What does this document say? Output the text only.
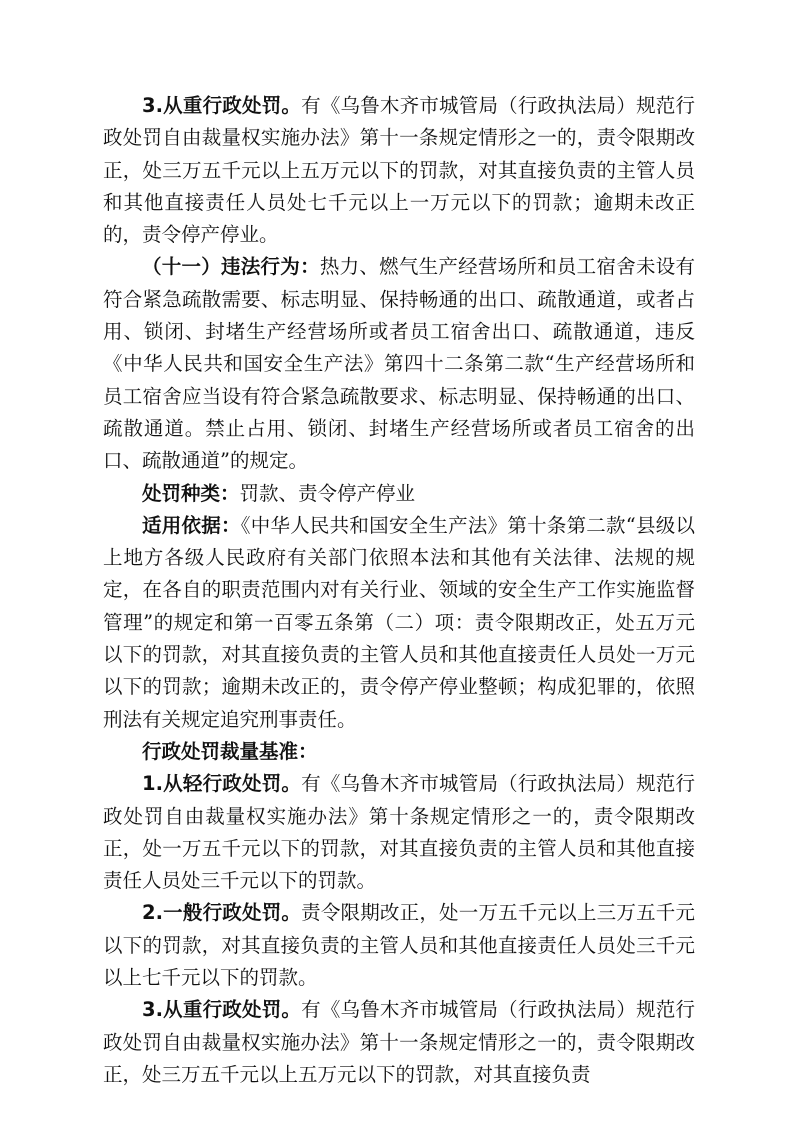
3.从重行政处罚。有《乌鲁木齐市城管局（行政执法局）规范行政处罚自由裁量权实施办法》第十一条规定情形之一的，责令限期改正，处三万五千元以上五万元以下的罚款，对其直接负责的主管人员和其他直接责任人员处七千元以上一万元以下的罚款；逾期未改正的，责令停产停业。

（十一）违法行为：热力、燃气生产经营场所和员工宿舍未设有符合紧急疏散需要、标志明显、保持畅通的出口、疏散通道，或者占用、锁闭、封堵生产经营场所或者员工宿舍出口、疏散通道，违反《中华人民共和国安全生产法》第四十二条第二款“生产经营场所和员工宿舍应当设有符合紧急疏散要求、标志明显、保持畅通的出口、疏散通道。禁止占用、锁闭、封堵生产经营场所或者员工宿舍的出口、疏散通道”的规定。

处罚种类：罚款、责令停产停业

适用依据：《中华人民共和国安全生产法》第十条第二款“县级以上地方各级人民政府有关部门依照本法和其他有关法律、法规的规定，在各自的职责范围内对有关行业、领域的安全生产工作实施监督管理”的规定和第一百零五条第（二）项：责令限期改正，处五万元以下的罚款，对其直接负责的主管人员和其他直接责任人员处一万元以下的罚款；逾期未改正的，责令停产停业整顿；构成犯罪的，依照刑法有关规定追究刑事责任。

行政处罚裁量基准：

1.从轻行政处罚。有《乌鲁木齐市城管局（行政执法局）规范行政处罚自由裁量权实施办法》第十条规定情形之一的，责令限期改正，处一万五千元以下的罚款，对其直接负责的主管人员和其他直接责任人员处三千元以下的罚款。

2.一般行政处罚。责令限期改正，处一万五千元以上三万五千元以下的罚款，对其直接负责的主管人员和其他直接责任人员处三千元以上七千元以下的罚款。

3.从重行政处罚。有《乌鲁木齐市城管局（行政执法局）规范行政处罚自由裁量权实施办法》第十一条规定情形之一的，责令限期改正，处三万五千元以上五万元以下的罚款，对其直接负责
